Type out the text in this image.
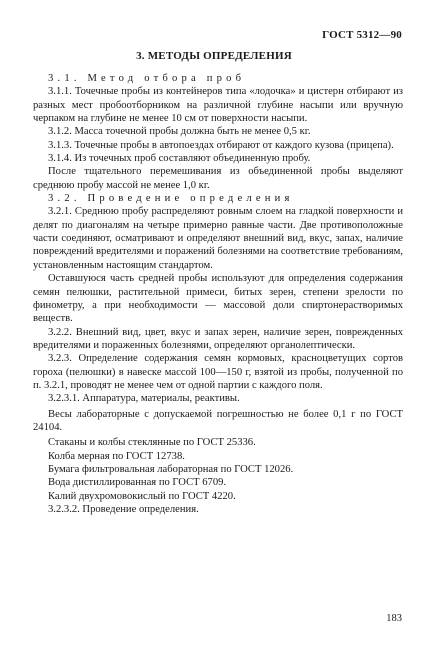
ГОСТ 5312—90
3. МЕТОДЫ ОПРЕДЕЛЕНИЯ

3.1. Метод отбора проб

3.1.1. Точечные пробы из контейнеров типа «лодочка» и цистерн отбирают из разных мест пробоотборником на различной глубине насыпи или вручную черпаком на глубине не менее 10 см от поверхности насыпи.

3.1.2. Масса точечной пробы должна быть не менее 0,5 кг.

3.1.3. Точечные пробы в автопоездах отбирают от каждого кузова (прицепа).

3.1.4. Из точечных проб составляют объединенную пробу.

После тщательного перемешивания из объединенной пробы выделяют среднюю пробу массой не менее 1,0 кг.

3.2. Проведение определения

3.2.1. Среднюю пробу распределяют ровным слоем на гладкой поверхности и делят по диагоналям на четыре примерно равные части. Две противоположные части соединяют, осматривают и определяют внешний вид, вкус, запах, наличие повреждений вредителями и поражений болезнями на соответствие требованиям, установленным настоящим стандартом.

Оставшуюся часть средней пробы используют для определения содержания семян пелюшки, растительной примеси, битых зерен, степени зрелости по финометру, а при необходимости — массовой доли спиртонерастворимых веществ.

3.2.2. Внешний вид, цвет, вкус и запах зерен, наличие зерен, поврежденных вредителями и пораженных болезнями, определяют органолептически.

3.2.3. Определение содержания семян кормовых, красноцветущих сортов гороха (пелюшки) в навеске массой 100—150 г, взятой из пробы, полученной по п. 3.2.1, проводят не менее чем от одной партии с каждого поля.

3.2.3.1. Аппаратура, материалы, реактивы.

Весы лабораторные с допускаемой погрешностью не более 0,1 г по ГОСТ 24104.

Стаканы и колбы стеклянные по ГОСТ 25336.

Колба мерная по ГОСТ 12738.

Бумага фильтровальная лабораторная по ГОСТ 12026.

Вода дистиллированная по ГОСТ 6709.

Калий двухромовокислый по ГОСТ 4220.

3.2.3.2. Проведение определения.

183
